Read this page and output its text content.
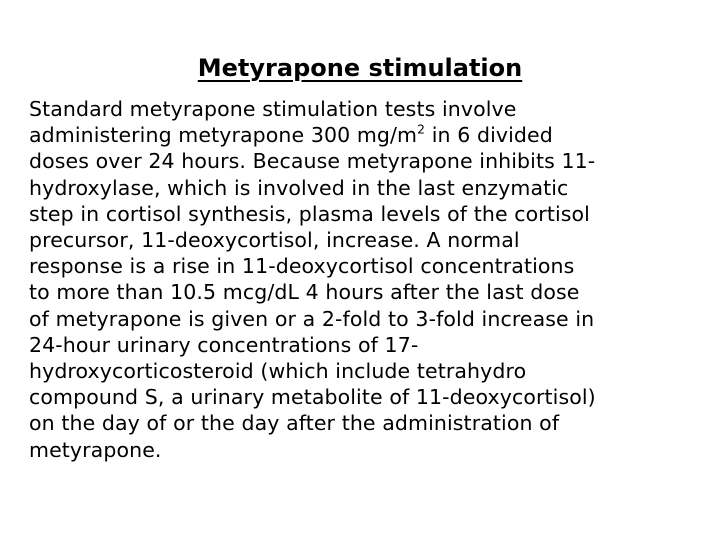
Metyrapone stimulation

Standard metyrapone stimulation tests involve
administering metyrapone 300 $mg/m^2$ in 6 divided
doses over 24 hours. Because metyrapone inhibits 11-
hydroxylase, which is involved in the last enzymatic
step in cortisol synthesis, plasma levels of the cortisol
precursor, 11-deoxycortisol, increase. A normal
response is a rise in 11-deoxycortisol concentrations
to more than 10.5 mcg/dL 4 hours after the last dose
of metyrapone is given or a 2-fold to 3-fold increase in
24-hour urinary concentrations of 17-
hydroxycorticosteroid (which include tetrahydro
compound S, a urinary metabolite of 11-deoxycortisol)
on the day of or the day after the administration of
metyrapone.
